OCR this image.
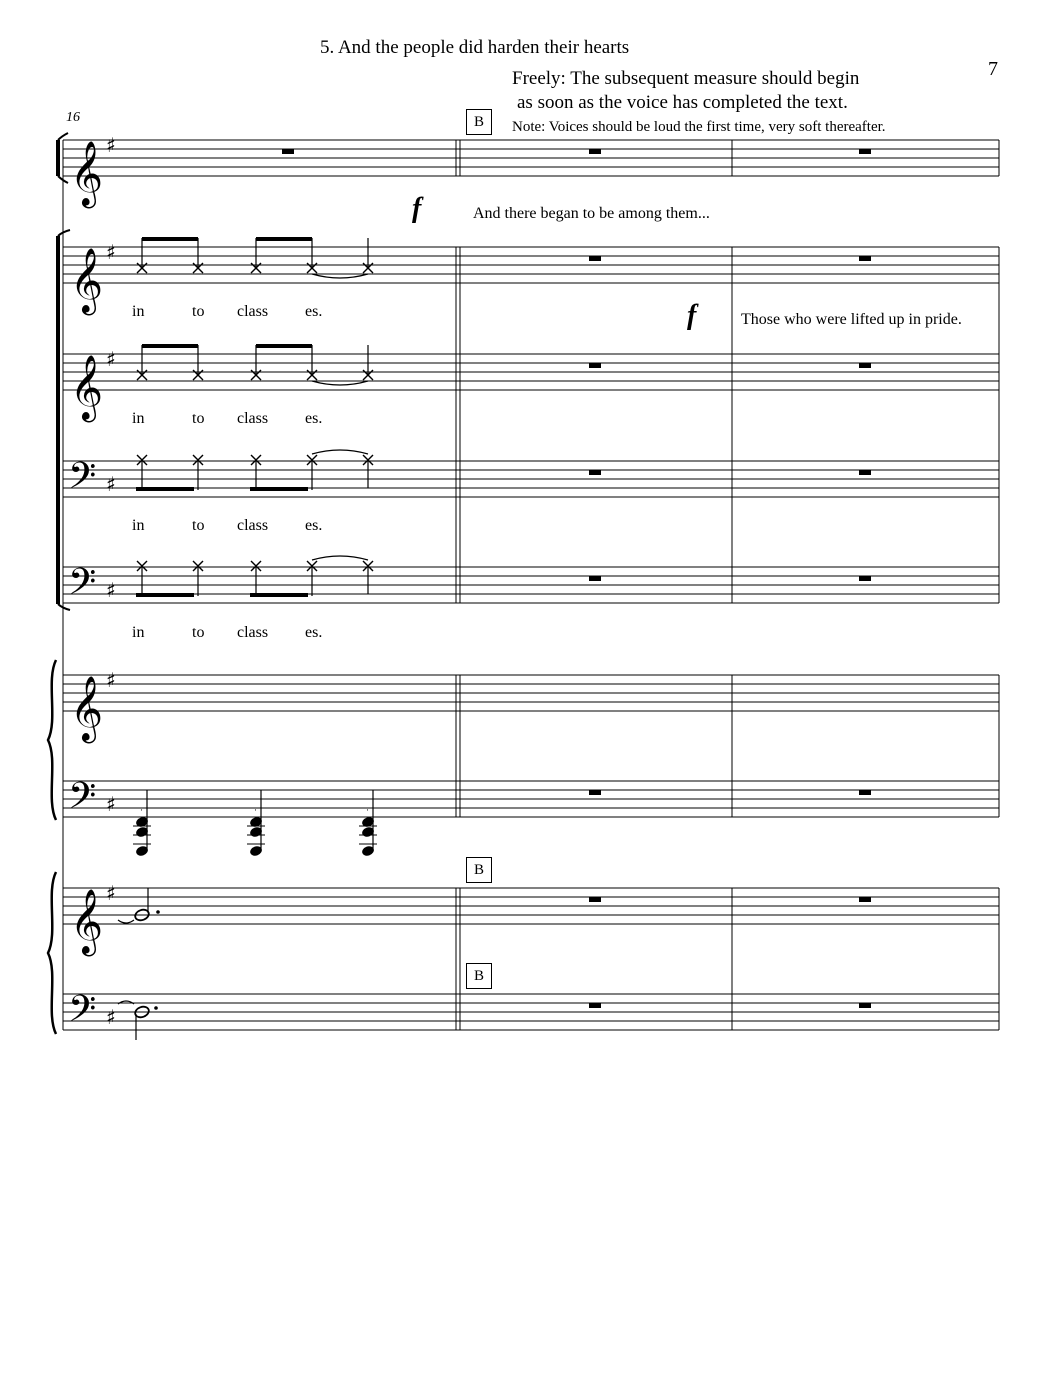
5. And the people did harden their hearts
7
Freely: The subsequent measure should begin
as soon as the voice has completed the text.
Note: Voices should be loud the first time, very soft thereafter.
16	B
B
B
f
f
And there began to be among them...
Those who were lifted up in pride.
in	to class es.
in	to class es.
in	to class es.
in	to class es.
𝄞 ♯
𝄞 ♯
𝄞 ♯
𝄢 ♯
𝄢 ♯
𝄞 ♯
𝄢 ♯
𝄞 ♯
𝄢 ♯
˙	˙	˙
